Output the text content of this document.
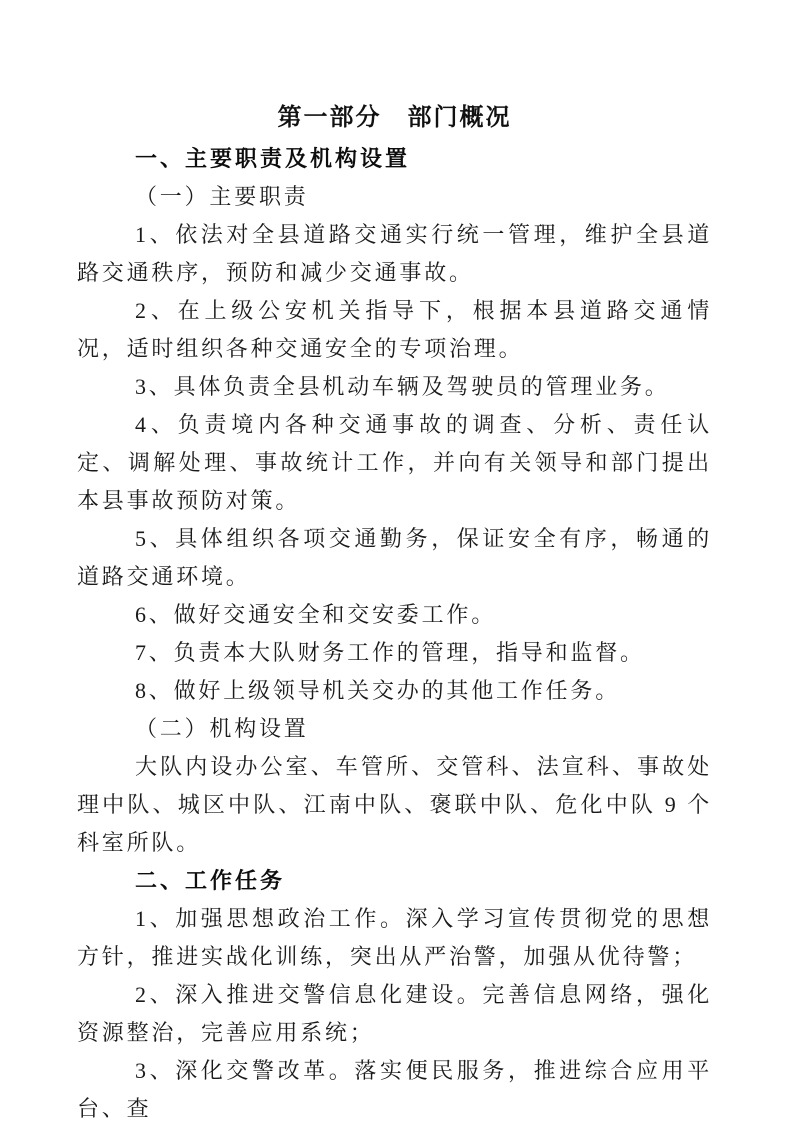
第一部分　部门概况

一、主要职责及机构设置

（一）主要职责

1、依法对全县道路交通实行统一管理，维护全县道路交通秩序，预防和减少交通事故。

2、在上级公安机关指导下，根据本县道路交通情况，适时组织各种交通安全的专项治理。

3、具体负责全县机动车辆及驾驶员的管理业务。

4、负责境内各种交通事故的调查、分析、责任认定、调解处理、事故统计工作，并向有关领导和部门提出本县事故预防对策。

5、具体组织各项交通勤务，保证安全有序，畅通的道路交通环境。

6、做好交通安全和交安委工作。

7、负责本大队财务工作的管理，指导和监督。

8、做好上级领导机关交办的其他工作任务。

（二）机构设置

大队内设办公室、车管所、交管科、法宣科、事故处理中队、城区中队、江南中队、褒联中队、危化中队 9 个科室所队。

二、工作任务

1、加强思想政治工作。深入学习宣传贯彻党的思想方针，推进实战化训练，突出从严治警，加强从优待警；

2、深入推进交警信息化建设。完善信息网络，强化资源整治，完善应用系统；

3、深化交警改革。落实便民服务，推进综合应用平台、查
